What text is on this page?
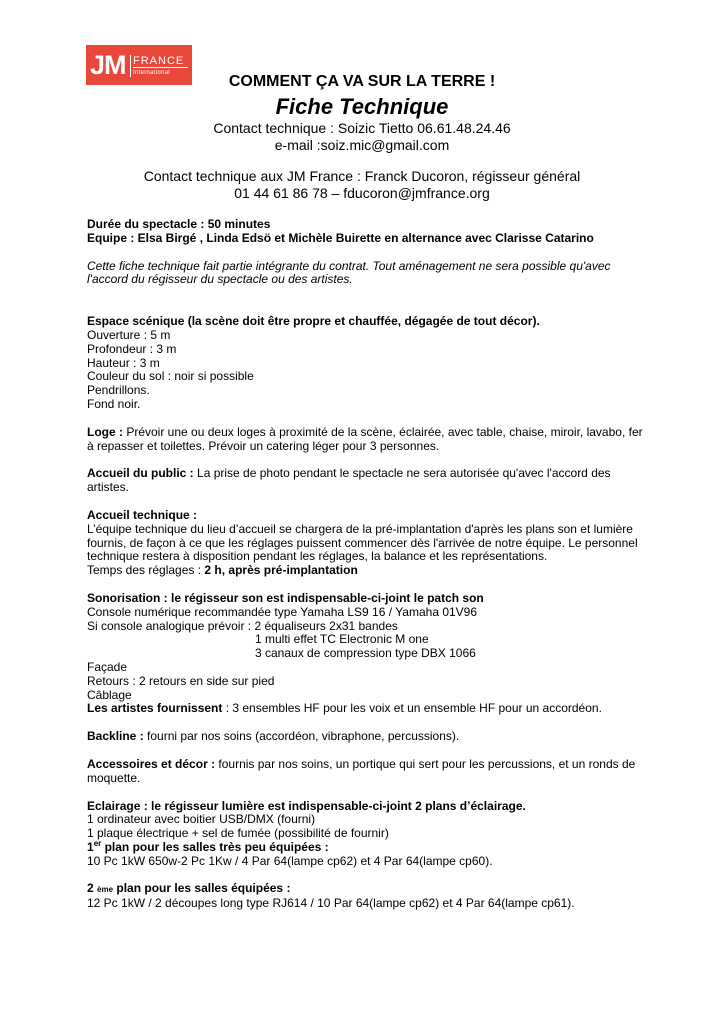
JM FRANCE
International	COMMENT ÇA VA SUR LA TERRE !
Fiche Technique
Contact technique : Soizic Tietto 06.61.48.24.46
e-mail :soiz.mic@gmail.com
Contact technique aux JM France : Franck Ducoron, régisseur général
01 44 61 86 78 – fducoron@jmfrance.org

Durée du spectacle : 50 minutes

Equipe : Elsa Birgé , Linda Edsö et Michèle Buirette en alternance avec Clarisse Catarino

Cette fiche technique fait partie intégrante du contrat. Tout aménagement ne sera possible qu'avec l'accord du régisseur du spectacle ou des artistes.

Espace scénique (la scène doit être propre et chauffée, dégagée de tout décor).

Ouverture : 5 m

Profondeur : 3 m

Hauteur : 3 m

Couleur du sol : noir si possible

Pendrillons.

Fond noir.

Loge : Prévoir une ou deux loges à proximité de la scène, éclairée, avec table, chaise, miroir, lavabo, fer à repasser et toilettes. Prévoir un catering léger pour 3 personnes.

Accueil du public : La prise de photo pendant le spectacle ne sera autorisée qu'avec l'accord des artistes.

Accueil technique :

L’équipe technique du lieu d’accueil se chargera de la pré-implantation d'après les plans son et lumière fournis, de façon à ce que les réglages puissent commencer dès l'arrivée de notre équipe. Le personnel technique restera à disposition pendant les réglages, la balance et les représentations.

Temps des réglages : 2 h, après pré-implantation

Sonorisation : le régisseur son est indispensable-ci-joint le patch son

Console numérique recommandée type Yamaha LS9 16 / Yamaha 01V96

Si console analogique prévoir : 2 équaliseurs 2x31 bandes

1 multi effet TC Electronic M one

3 canaux de compression type DBX 1066

Façade

Retours : 2 retours en side sur pied

Câblage

Les artistes fournissent : 3 ensembles HF pour les voix et un ensemble HF pour un accordéon.

Backline : fourni par nos soins (accordéon, vibraphone, percussions).

Accessoires et décor : fournis par nos soins, un portique qui sert pour les percussions, et un ronds de moquette.

Eclairage : le régisseur lumière est indispensable-ci-joint 2 plans d’éclairage.

1 ordinateur avec boitier USB/DMX (fourni)

1 plaque électrique + sel de fumée (possibilité de fournir)

1er plan pour les salles très peu équipées :

10 Pc 1kW 650w-2 Pc 1Kw / 4 Par 64(lampe cp62) et 4 Par 64(lampe cp60).

2 ème plan pour les salles équipées :

12 Pc 1kW / 2 découpes long type RJ614 / 10 Par 64(lampe cp62) et 4 Par 64(lampe cp61).
